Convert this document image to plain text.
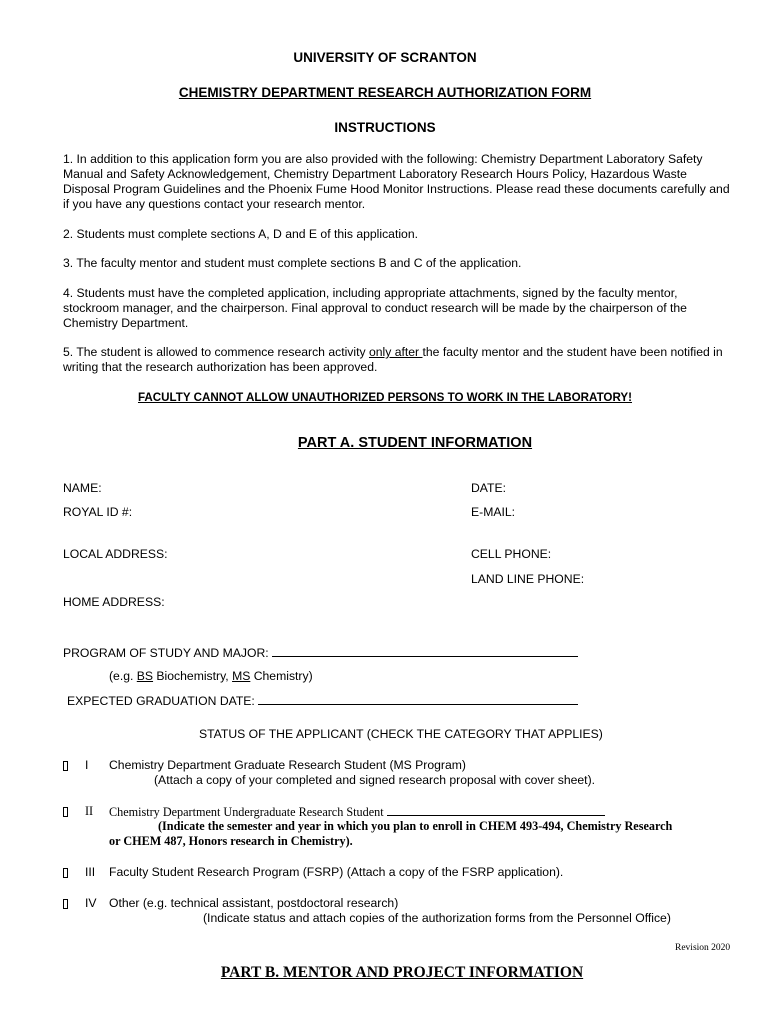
UNIVERSITY OF SCRANTON
CHEMISTRY DEPARTMENT RESEARCH AUTHORIZATION FORM
INSTRUCTIONS
1. In addition to this application form you are also provided with the following: Chemistry Department Laboratory Safety Manual and Safety Acknowledgement, Chemistry Department Laboratory Research Hours Policy, Hazardous Waste Disposal Program Guidelines and the Phoenix Fume Hood Monitor Instructions. Please read these documents carefully and if you have any questions contact your research mentor.
2. Students must complete sections A, D and E of this application.
3. The faculty mentor and student must complete sections B and C of the application.
4. Students must have the completed application, including appropriate attachments, signed by the faculty mentor, stockroom manager, and the chairperson. Final approval to conduct research will be made by the chairperson of the Chemistry Department.
5. The student is allowed to commence research activity only after the faculty mentor and the student have been notified in writing that the research authorization has been approved.
FACULTY CANNOT ALLOW UNAUTHORIZED PERSONS TO WORK IN THE LABORATORY!
PART A. STUDENT INFORMATION
NAME:	DATE:
ROYAL ID #:	E-MAIL:
LOCAL ADDRESS:	CELL PHONE:
LAND LINE PHONE:
HOME ADDRESS:
PROGRAM OF STUDY AND MAJOR:
(e.g. BS Biochemistry, MS Chemistry)
EXPECTED GRADUATION DATE:
STATUS OF THE APPLICANT (CHECK THE CATEGORY THAT APPLIES)
I Chemistry Department Graduate Research Student (MS Program)
(Attach a copy of your completed and signed research proposal with cover sheet).
II Chemistry Department Undergraduate Research Student
(Indicate the semester and year in which you plan to enroll in CHEM 493-494, Chemistry Research
or CHEM 487, Honors research in Chemistry).
III Faculty Student Research Program (FSRP) (Attach a copy of the FSRP application).
IV Other (e.g. technical assistant, postdoctoral research)
(Indicate status and attach copies of the authorization forms from the Personnel Office)
Revision 2020
PART B. MENTOR AND PROJECT INFORMATION
